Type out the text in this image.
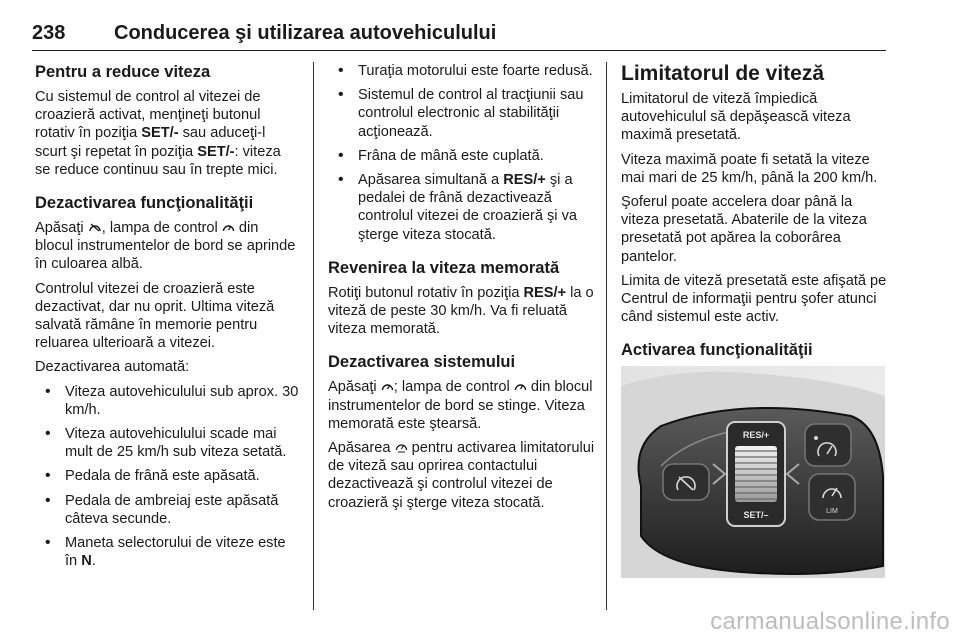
238 Conducerea şi utilizarea autovehiculului
Pentru a reduce viteza

Cu sistemul de control al vitezei de croazieră activat, menţineţi butonul rotativ în poziţia SET/- sau aduceţi-l scurt şi repetat în poziţia SET/-: viteza se reduce continuu sau în trepte mici.

Dezactivarea funcţionalităţii

Apăsaţi , lampa de control  din blocul instrumentelor de bord se aprinde în culoarea albă.

Controlul vitezei de croazieră este dezactivat, dar nu oprit. Ultima viteză salvată rămâne în memorie pentru reluarea ulterioară a vitezei.

Dezactivarea automată:

• Viteza autovehiculului sub aprox. 30 km/h.
• Viteza autovehiculului scade mai mult de 25 km/h sub viteza setată.
• Pedala de frână este apăsată.
• Pedala de ambreiaj este apăsată câteva secunde.
• Maneta selectorului de viteze este în N.
• Turaţia motorului este foarte redusă.
• Sistemul de control al tracţiunii sau controlul electronic al stabilităţii acţionează.
• Frâna de mână este cuplată.
• Apăsarea simultană a RES/+ şi a pedalei de frână dezactivează controlul vitezei de croazieră şi va şterge viteza stocată.
Revenirea la viteza memorată

Rotiţi butonul rotativ în poziţia RES/+ la o viteză de peste 30 km/h. Va fi reluată viteza memorată.

Dezactivarea sistemului

Apăsaţi ; lampa de control  din blocul instrumentelor de bord se stinge. Viteza memorată este ştearsă.

Apăsarea  pentru activarea limitatorului de viteză sau oprirea contactului dezactivează şi controlul vitezei de croazieră şi şterge viteza stocată.

Limitatorul de viteză

Limitatorul de viteză împiedică autovehiculul să depăşească viteza maximă presetată.

Viteza maximă poate fi setată la viteze mai mari de 25 km/h, până la 200 km/h.

Şoferul poate accelera doar până la viteza presetată. Abaterile de la viteza presetată pot apărea la coborârea pantelor.

Limita de viteză presetată este afişată pe Centrul de informaţii pentru şofer atunci când sistemul este activ.

Activarea funcţionalităţii
RES/+
SET/–	LIM
carmanualsonline.info
